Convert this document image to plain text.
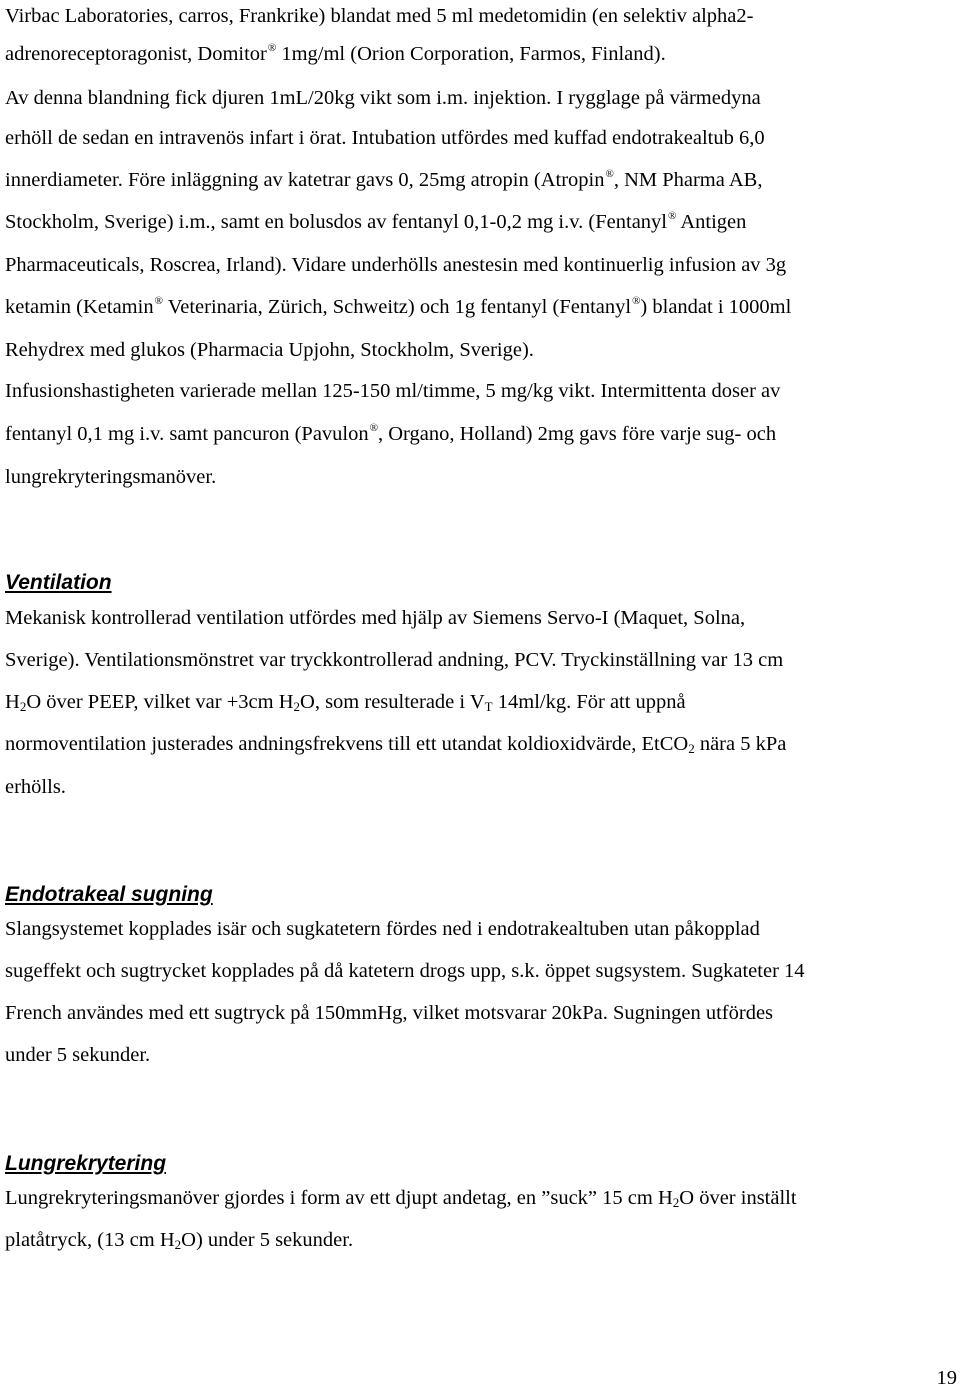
Virbac Laboratories, carros, Frankrike) blandat med 5 ml medetomidin (en selektiv alpha2-

adrenoreceptoragonist, Domitor® 1mg/ml (Orion Corporation, Farmos, Finland).

Av denna blandning fick djuren 1mL/20kg vikt som i.m. injektion. I rygglage på värmedyna

erhöll de sedan en intravenös infart i örat. Intubation utfördes med kuffad endotrakealtub 6,0

innerdiameter. Före inläggning av katetrar gavs 0, 25mg atropin (Atropin®, NM Pharma AB,

Stockholm, Sverige) i.m., samt en bolusdos av fentanyl 0,1-0,2 mg i.v. (Fentanyl® Antigen

Pharmaceuticals, Roscrea, Irland). Vidare underhölls anestesin med kontinuerlig infusion av 3g

ketamin (Ketamin® Veterinaria, Zürich, Schweitz) och 1g fentanyl (Fentanyl®) blandat i 1000ml

Rehydrex med glukos (Pharmacia Upjohn, Stockholm, Sverige).

Infusionshastigheten varierade mellan 125-150 ml/timme, 5 mg/kg vikt. Intermittenta doser av

fentanyl 0,1 mg i.v. samt pancuron (Pavulon®, Organo, Holland) 2mg gavs före varje sug- och

lungrekryteringsmanöver.

Ventilation

Mekanisk kontrollerad ventilation utfördes med hjälp av Siemens Servo-I (Maquet, Solna,

Sverige). Ventilationsmönstret var tryckkontrollerad andning, PCV. Tryckinställning var 13 cm

$H_2O$ över PEEP, vilket var +3cm $H_2O$, som resulterade i $V_T$ 14ml/kg. För att uppnå

normoventilation justerades andningsfrekvens till ett utandat koldioxidvärde, EtCO$_2$ nära 5 kPa

erhölls.

Endotrakeal sugning

Slangsystemet kopplades isär och sugkatetern fördes ned i endotrakealtuben utan påkopplad

sugeffekt och sugtrycket kopplades på då katetern drogs upp, s.k. öppet sugsystem. Sugkateter 14

French användes med ett sugtryck på 150mmHg, vilket motsvarar 20kPa. Sugningen utfördes

under 5 sekunder.

Lungrekrytering

Lungrekryteringsmanöver gjordes i form av ett djupt andetag, en ”suck” 15 cm $H_2O$ över inställt

platåtryck, (13 cm $H_2O$) under 5 sekunder.

19
